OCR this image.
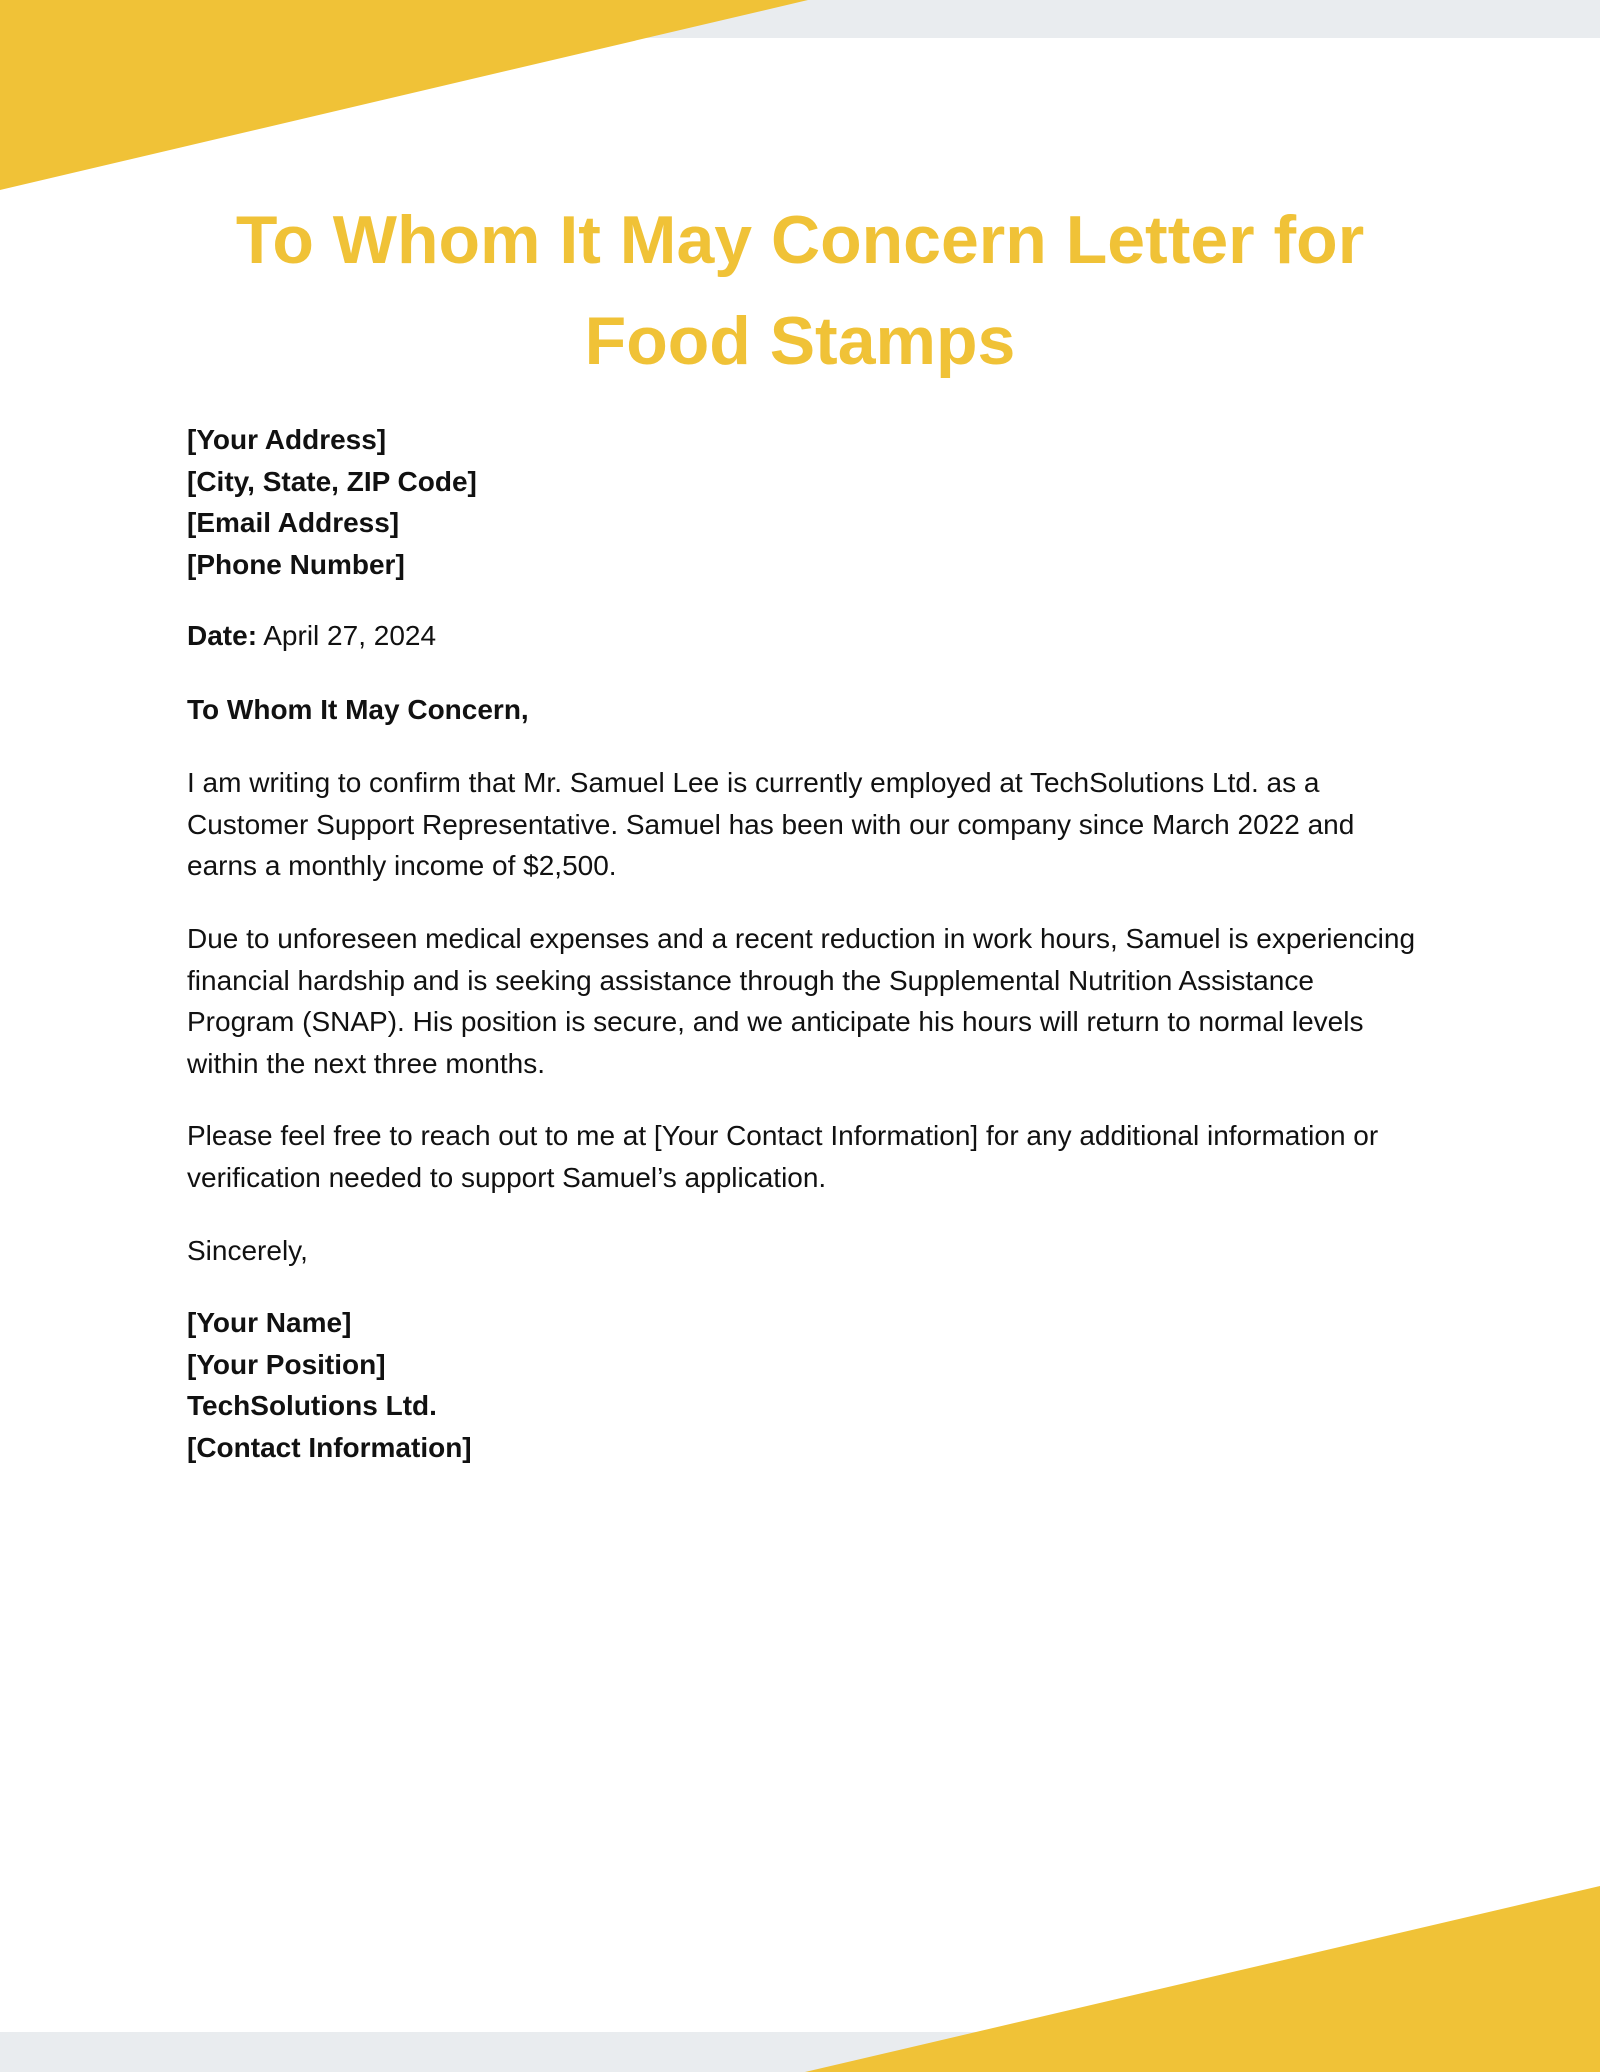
To Whom It May Concern Letter for Food Stamps
[Your Address]
[City, State, ZIP Code]
[Email Address]
[Phone Number]
Date: April 27, 2024
To Whom It May Concern,

I am writing to confirm that Mr. Samuel Lee is currently employed at TechSolutions Ltd. as a Customer Support Representative. Samuel has been with our company since March 2022 and earns a monthly income of $2,500.

Due to unforeseen medical expenses and a recent reduction in work hours, Samuel is experiencing financial hardship and is seeking assistance through the Supplemental Nutrition Assistance Program (SNAP). His position is secure, and we anticipate his hours will return to normal levels within the next three months.

Please feel free to reach out to me at [Your Contact Information] for any additional information or verification needed to support Samuel’s application.

Sincerely,
[Your Name]
[Your Position]
TechSolutions Ltd.
[Contact Information]
